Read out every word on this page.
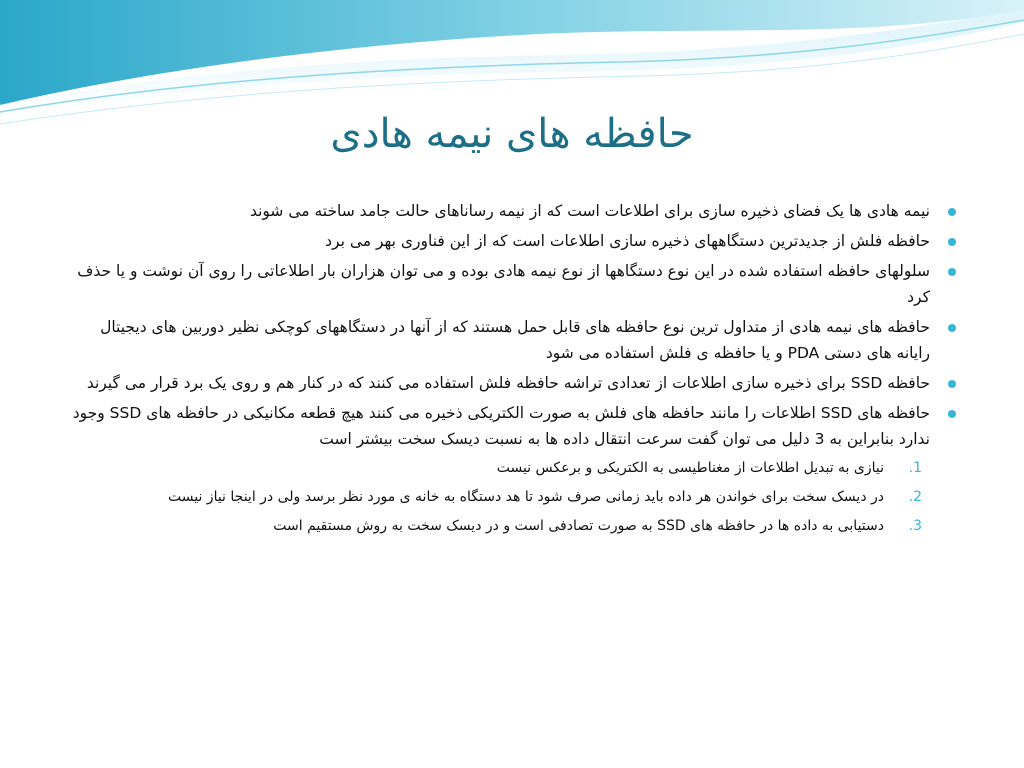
حافظه های نیمه هادی
نیمه هادی ها یک فضای ذخیره سازی برای اطلاعات است که از نیمه رساناهای حالت جامد ساخته می شوند
حافظه فلش از جدیدترین دستگاههای ذخیره سازی اطلاعات است که از این فناوری بهر می برد
سلولهای حافظه استفاده شده در این نوع دستگاهها از نوع نیمه هادی بوده و می توان هزاران بار اطلاعاتی را روی آن نوشت و یا حذف کرد
حافظه های نیمه هادی از متداول ترین نوع حافظه های قابل حمل هستند که از آنها در دستگاههای کوچکی نظیر دوربین های دیجیتال رایانه های دستی PDA و یا حافظه ی فلش استفاده می شود
حافظه SSD برای ذخیره سازی اطلاعات از تعدادی تراشه حافظه فلش استفاده می کنند که در کنار هم و روی یک برد قرار می گیرند
حافظه های SSD اطلاعات را مانند حافظه های فلش به صورت الکتریکی ذخیره می کنند هیچ قطعه مکانیکی در حافظه های SSD وجود ندارد بنابراین به 3 دلیل می توان گفت سرعت انتقال داده ها به نسبت دیسک سخت بیشتر است
1.
نیازی به تبدیل اطلاعات از مغناطیسی به الکتریکی و برعکس نیست
2.
در دیسک سخت برای خواندن هر داده باید زمانی صرف شود تا هد دستگاه به خانه ی مورد نظر برسد ولی در اینجا نیاز نیست
3.
دستیابی به داده ها در حافظه های SSD به صورت تصادفی است و در دیسک سخت به روش مستقیم است
